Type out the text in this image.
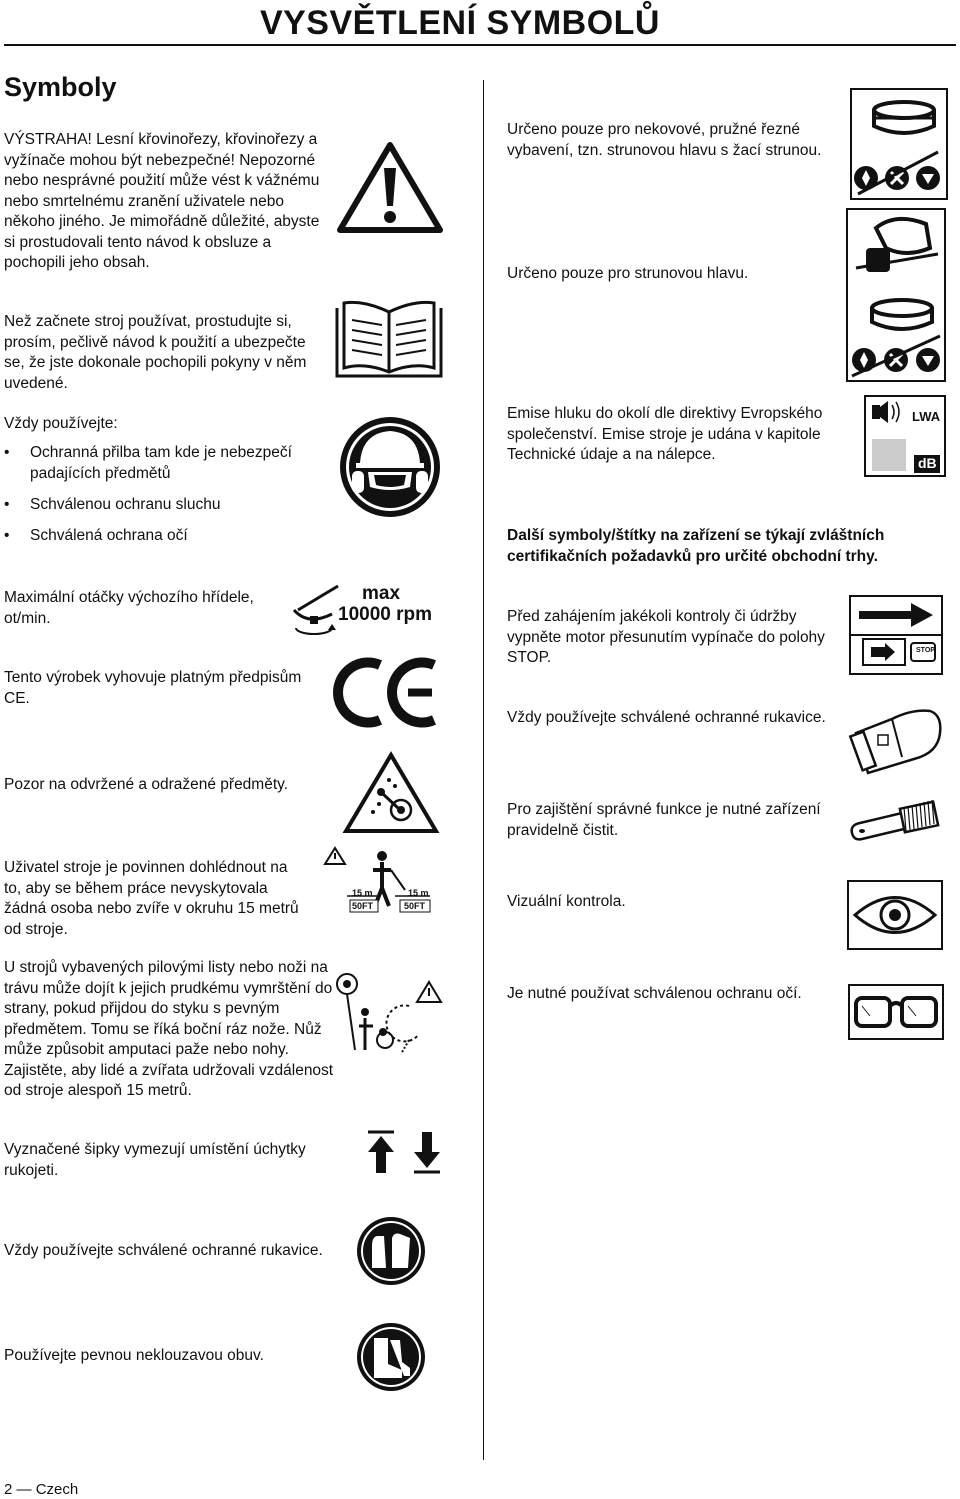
VYSVĚTLENÍ SYMBOLŮ
Symboly
VÝSTRAHA! Lesní křovinořezy, křovinořezy a vyžínače mohou být nebezpečné! Nepozorné nebo nesprávné použití může vést k vážnému nebo smrtelnému zranění uživatele nebo někoho jiného. Je mimořádně důležité, abyste si prostudovali tento návod k obsluze a pochopili jeho obsah.
Než začnete stroj používat, prostudujte si, prosím, pečlivě návod k použití a ubezpečte se, že jste dokonale pochopili pokyny v něm uvedené.
Vždy používejte:
• Ochranná přilba tam kde je nebezpečí padajících předmětů
• Schválenou ochranu sluchu
• Schválená ochrana očí
Maximální otáčky výchozího hřídele, ot/min.
Tento výrobek vyhovuje platným předpisům CE.
Pozor na odvržené a odražené předměty.
Uživatel stroje je povinnen dohlédnout na to, aby se během práce nevyskytovala žádná osoba nebo zvíře v okruhu 15 metrů od stroje.
U strojů vybavených pilovými listy nebo noži na trávu může dojít k jejich prudkému vymrštění do strany, pokud přijdou do styku s pevným předmětem. Tomu se říká boční ráz nože. Nůž může způsobit amputaci paže nebo nohy. Zajistěte, aby lidé a zvířata udržovali vzdálenost od stroje alespoň 15 metrů.
Vyznačené šipky vymezují umístění úchytky rukojeti.
Vždy používejte schválené ochranné rukavice.
Používejte pevnou neklouzavou obuv.
Určeno pouze pro nekovové, pružné řezné vybavení, tzn. strunovou hlavu s žací strunou.
Určeno pouze pro strunovou hlavu.
Emise hluku do okolí dle direktivy Evropského společenství. Emise stroje je udána v kapitole Technické údaje a na nálepce.
Další symboly/štítky na zařízení se týkají zvláštních certifikačních požadavků pro určité obchodní trhy.
Před zahájením jakékoli kontroly či údržby vypněte motor přesunutím vypínače do polohy STOP.
Vždy používejte schválené ochranné rukavice.
Pro zajištění správné funkce je nutné zařízení pravidelně čistit.
Vizuální kontrola.
Je nutné používat schválenou ochranu očí.
max
10000 rpm
15 m
50FT
15 m
50FT
LWA
dB
STOP
2 — Czech
